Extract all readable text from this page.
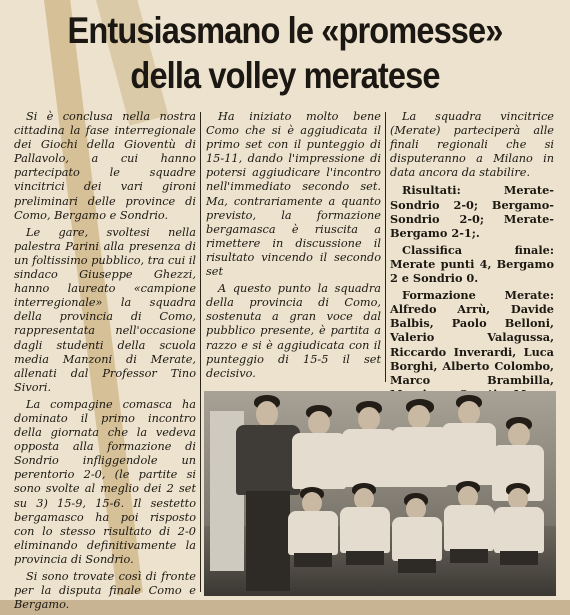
Entusiasmano le «promesse»
della volley meratese

Si è conclusa nella nostra cittadina la fase interregionale dei Giochi della Gioventù di Pallavolo, a cui hanno partecipato le squadre vincitrici dei vari gironi preliminari delle province di Como, Bergamo e Sondrio.

Le gare, svoltesi nella palestra Parini alla presenza di un foltissimo pubblico, tra cui il sindaco Giuseppe Ghezzi, hanno laureato «campione interregionale» la squadra della provincia di Como, rappresentata nell'occasione dagli studenti della scuola media Manzoni di Merate, allenati dal Professor Tino Sivori.

La compagine comasca ha dominato il primo incontro della giornata che la vedeva opposta alla formazione di Sondrio infliggendole un perentorio 2-0, (le partite si sono svolte al meglio dei 2 set su 3) 15-9, 15-6. Il sestetto bergamasco ha poi risposto con lo stesso risultato di 2-0 eliminando definitivamente la provincia di Sondrio.

Si sono trovate così di fronte per la disputa finale Como e Bergamo.

Ha iniziato molto bene Como che si è aggiudicata il primo set con il punteggio di 15-11, dando l'impressione di potersi aggiudicare l'incontro nell'immediato secondo set. Ma, contrariamente a quanto previsto, la formazione bergamasca è riuscita a rimettere in discussione il risultato vincendo il secondo set

A questo punto la squadra della provincia di Como, sostenuta a gran voce dal pubblico presente, è partita a razzo e si è aggiudicata con il punteggio di 15-5 il set decisivo.

La squadra vincitrice (Merate) parteciperà alle finali regionali che si disputeranno a Milano in data ancora da stabilire.

Risultati: Merate-Sondrio 2-0; Bergamo-Sondrio 2-0; Merate-Bergamo 2-1;.

Classifica finale: Merate punti 4, Bergamo 2 e Sondrio 0.

Formazione Merate: Alfredo Arrù, Davide Balbis, Paolo Belloni, Valerio Valagussa, Riccardo Inverardi, Luca Borghi, Alberto Colombo, Marco Brambilla,
